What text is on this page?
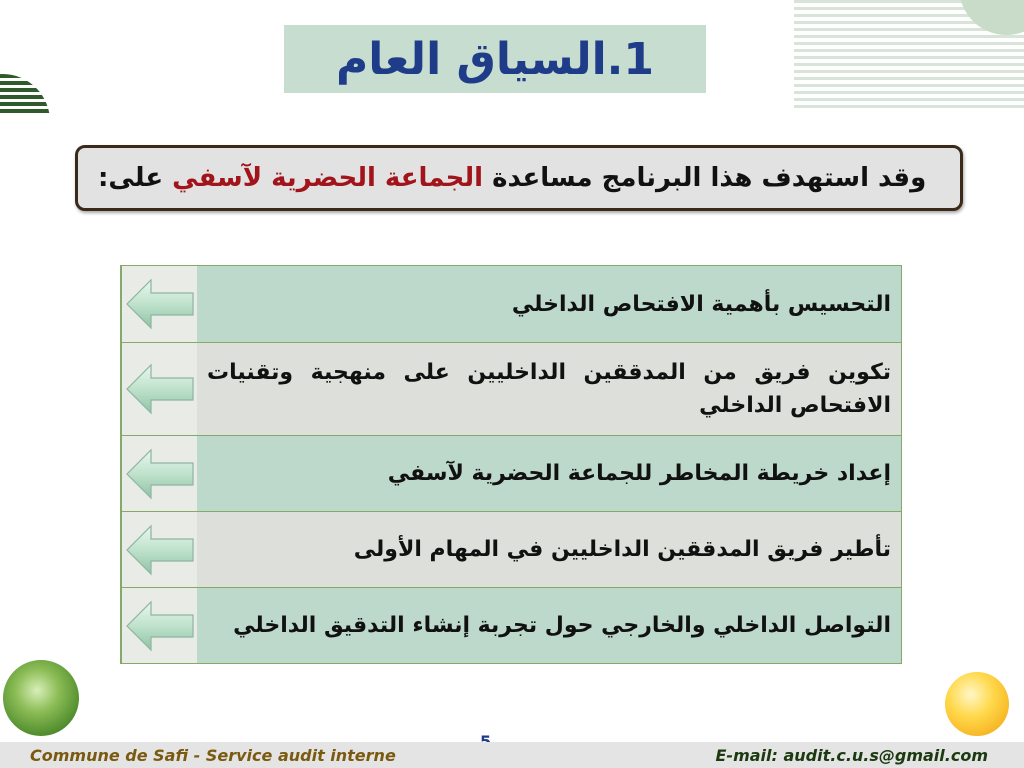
1.السياق العام

وقد استهدف هذا البرنامج مساعدة الجماعة الحضرية لآسفي على:

التحسيس بأهمية الافتحاص الداخلي
تكوين فريق من المدققين الداخليين على منهجية وتقنيات الافتحاص الداخلي
إعداد خريطة المخاطر للجماعة الحضرية لآسفي
تأطير فريق المدققين الداخليين في المهام الأولى
التواصل الداخلي والخارجي حول تجربة إنشاء التدقيق الداخلي
Commune de Safi - Service audit interne	E-mail: audit.c.u.s@gmail.com
